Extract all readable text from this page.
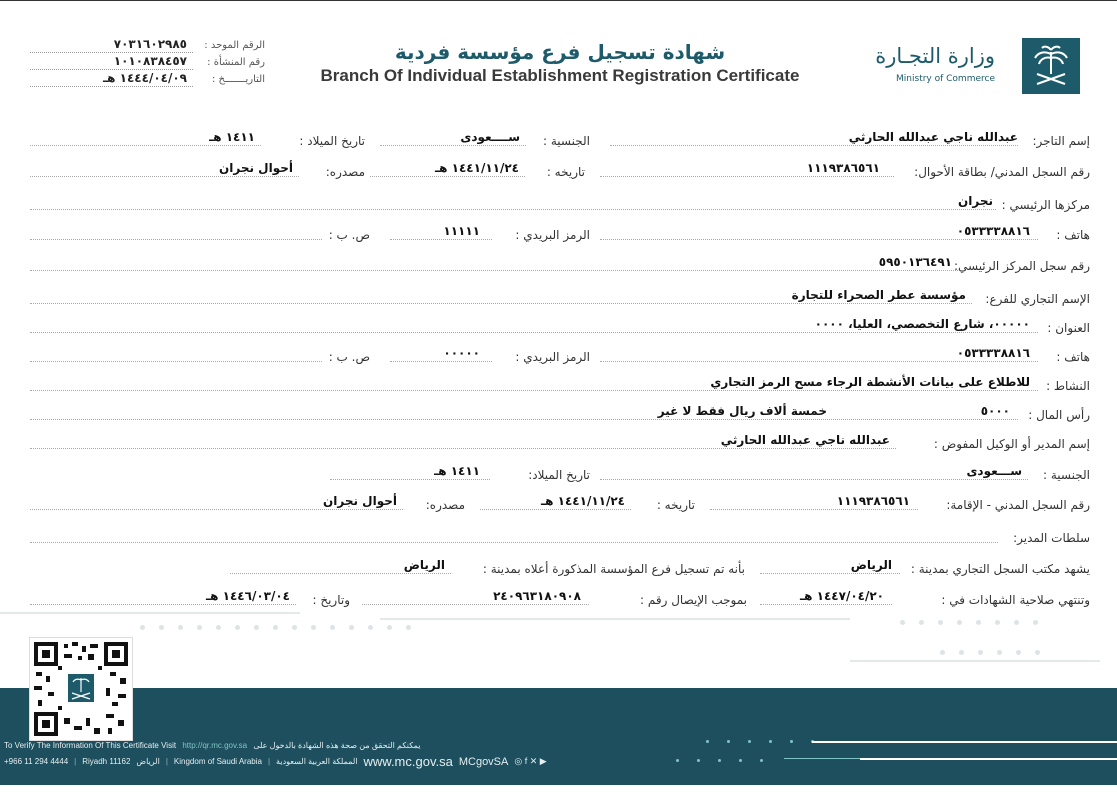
وزارة التجـارة
Ministry of Commerce
شهادة تسجيل فرع مؤسسة فردية
Branch Of Individual Establishment Registration Certificate
الرقم الموحد :
٧٠٣١٦٠٢٩٨٥
رقم المنشأة :
١٠١٠٨٣٨٤٥٧
التاريـــــــخ :
١٤٤٤/٠٤/٠٩ هـ
إسم التاجر:
عبدالله ناجي عبدالله الحارثي
الجنسية :
ســــعودى
تاريخ الميلاد :
١٤١١ هـ
رقم السجل المدني/ بطاقة الأحوال:
١١١٩٣٨٦٥٦١
تاريخه :
١٤٤١/١١/٢٤ هـ
مصدره:
أحوال نجران
مركزها الرئيسي :
نجران
هاتف :
٠٥٣٣٣٣٨٨١٦
الرمز البريدي :
١١١١١
ص. ب :
رقم سجل المركز الرئيسي:
٥٩٥٠١٣٦٤٩١
الإسم التجاري للفرع:
مؤسسة عطر الصحراء للتجارة
العنوان :
٠٠٠٠٠، شارع التخصصي، العليا، ٠٠٠٠
هاتف :
٠٥٣٣٣٣٨٨١٦
الرمز البريدي :
٠٠٠٠٠
ص. ب :
النشاط :
للاطلاع على بيانات الأنشطة الرجاء مسح الرمز التجاري
رأس المال :
٥٠٠٠
خمسة ألاف ريال فقط لا غير
إسم المدير أو الوكيل المفوض :
عبدالله ناجي عبدالله الحارثي
الجنسية :
ســـعودى
تاريخ الميلاد:
١٤١١ هـ
رقم السجل المدني - الإقامة:
١١١٩٣٨٦٥٦١
تاريخه :
١٤٤١/١١/٢٤ هـ
مصدره:
أحوال نجران
سلطات المدير:
يشهد مكتب السجل التجاري بمدينة :
الرياض
بأنه تم تسجيل فرع المؤسسة المذكورة أعلاه بمدينة :
الرياض
وتنتهي صلاحية الشهادات في :
١٤٤٧/٠٤/٢٠ هـ
بموجب الإيصال رقم :
٢٤٠٩٦٣١٨٠٩٠٨
وتاريخ :
١٤٤٦/٠٣/٠٤ هـ
To Verify The Information Of This Certificate Visit http://qr.mc.gov.sa يمكنكم التحقق من صحة هذه الشهادة بالدخول على
+966 11 294 4444 | Riyadh 11162 الرياض | Kingdom of Saudi Arabia | المملكة العربية السعودية www.mc.gov.sa MCgovSA ◎ f ✕ ▶
